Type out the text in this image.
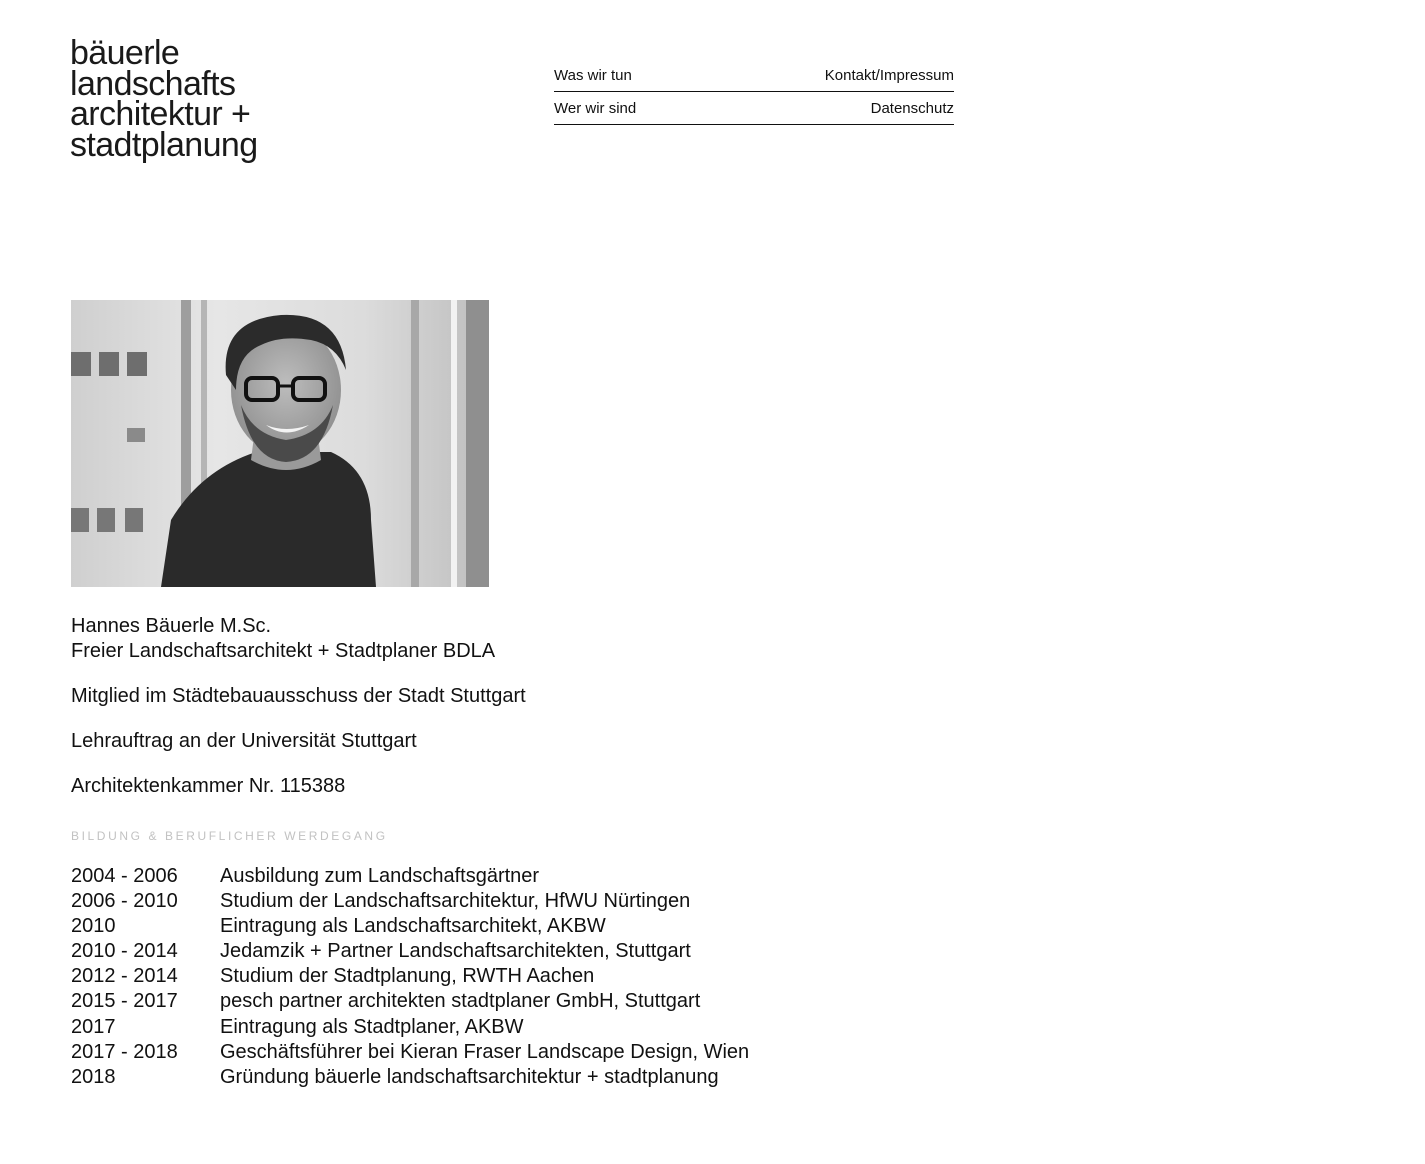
bäuerle
landschafts
architektur +
stadtplanung
Was wir tun	Kontakt/Impressum
Wer wir sind	Datenschutz

Hannes Bäuerle M.Sc.

Freier Landschaftsarchitekt + Stadtplaner BDLA

Mitglied im Städtebauausschuss der Stadt Stuttgart

Lehrauftrag an der Universität Stuttgart

Architektenkammer Nr. 115388

BILDUNG & BERUFLICHER WERDEGANG
2004 - 2006	Ausbildung zum Landschaftsgärtner
2006 - 2010	Studium der Landschaftsarchitektur, HfWU Nürtingen
2010	Eintragung als Landschaftsarchitekt, AKBW
2010 - 2014	Jedamzik + Partner Landschaftsarchitekten, Stuttgart
2012 - 2014	Studium der Stadtplanung, RWTH Aachen
2015 - 2017	pesch partner architekten stadtplaner GmbH, Stuttgart
2017	Eintragung als Stadtplaner, AKBW
2017 - 2018	Geschäftsführer bei Kieran Fraser Landscape Design, Wien
2018	Gründung bäuerle landschaftsarchitektur + stadtplanung
